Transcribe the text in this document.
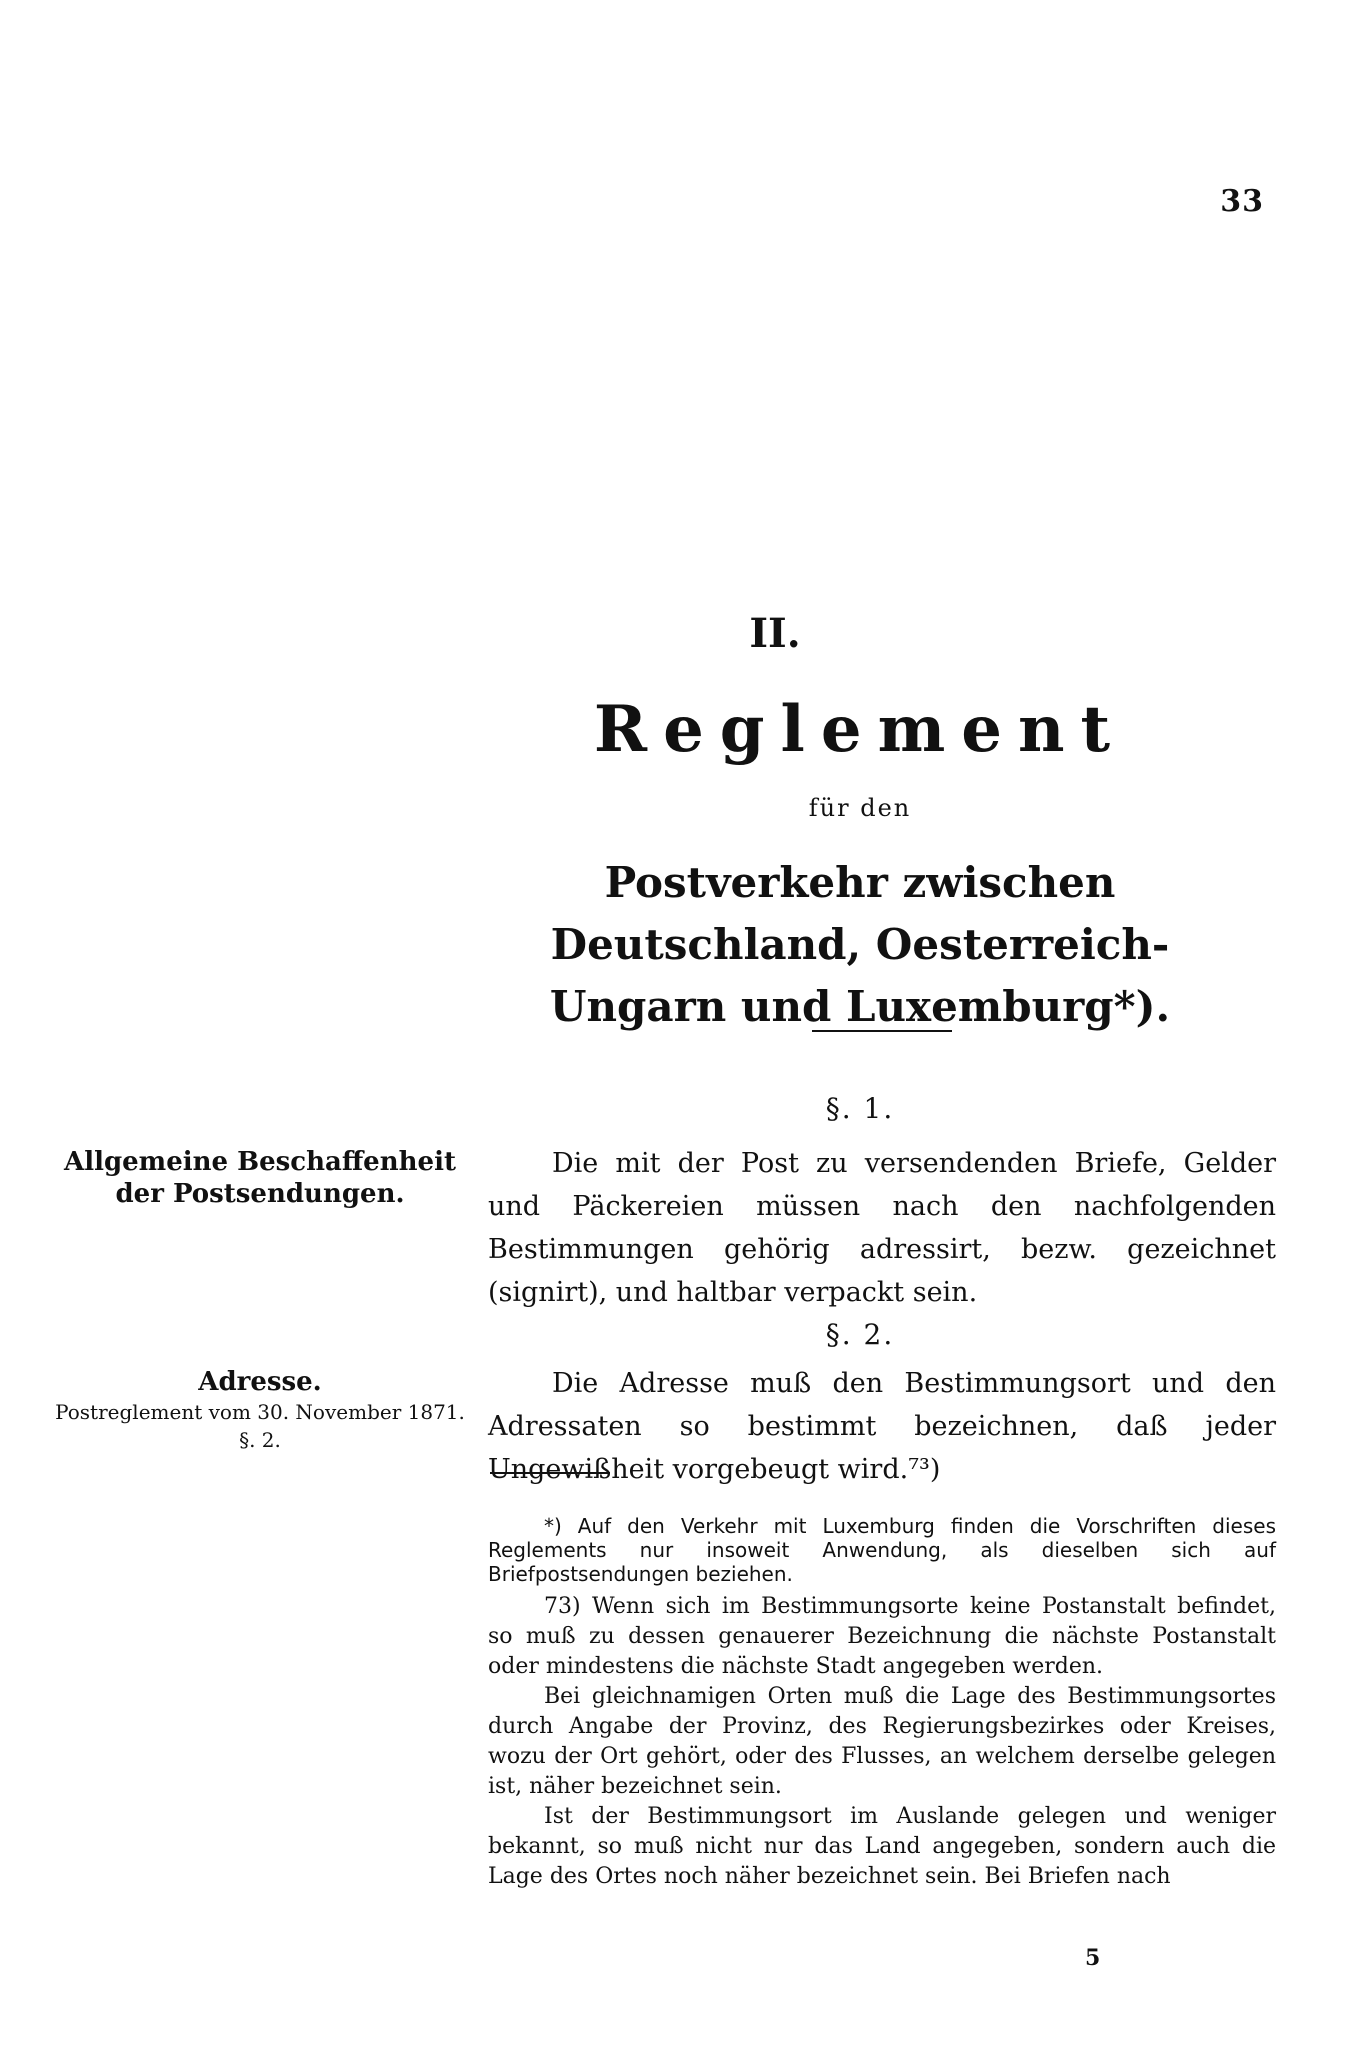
33
II.
Reglement
für den
Postverkehr zwischen Deutschland, Oesterreich-
Ungarn und Luxemburg*).
§. 1.
Allgemeine Beschaffenheit der Postsendungen.
Die mit der Post zu versendenden Briefe, Gelder und Päckereien müssen nach den nachfolgenden Bestimmungen gehörig adressirt, bezw. gezeichnet (signirt), und haltbar verpackt sein.
§. 2.
Adresse.
Postreglement vom 30. November 1871.
§. 2.
Die Adresse muß den Bestimmungsort und den Adressaten so bestimmt bezeichnen, daß jeder Ungewißheit vorgebeugt wird.⁷³)

*) Auf den Verkehr mit Luxemburg finden die Vorschriften dieses Reglements nur insoweit Anwendung, als dieselben sich auf Briefpostsendungen beziehen.

73) Wenn sich im Bestimmungsorte keine Postanstalt befindet, so muß zu dessen genauerer Bezeichnung die nächste Postanstalt oder mindestens die nächste Stadt angegeben werden.

Bei gleichnamigen Orten muß die Lage des Bestimmungsortes durch Angabe der Provinz, des Regierungsbezirkes oder Kreises, wozu der Ort gehört, oder des Flusses, an welchem derselbe gelegen ist, näher bezeichnet sein.

Ist der Bestimmungsort im Auslande gelegen und weniger bekannt, so muß nicht nur das Land angegeben, sondern auch die Lage des Ortes noch näher bezeichnet sein. Bei Briefen nach

5
